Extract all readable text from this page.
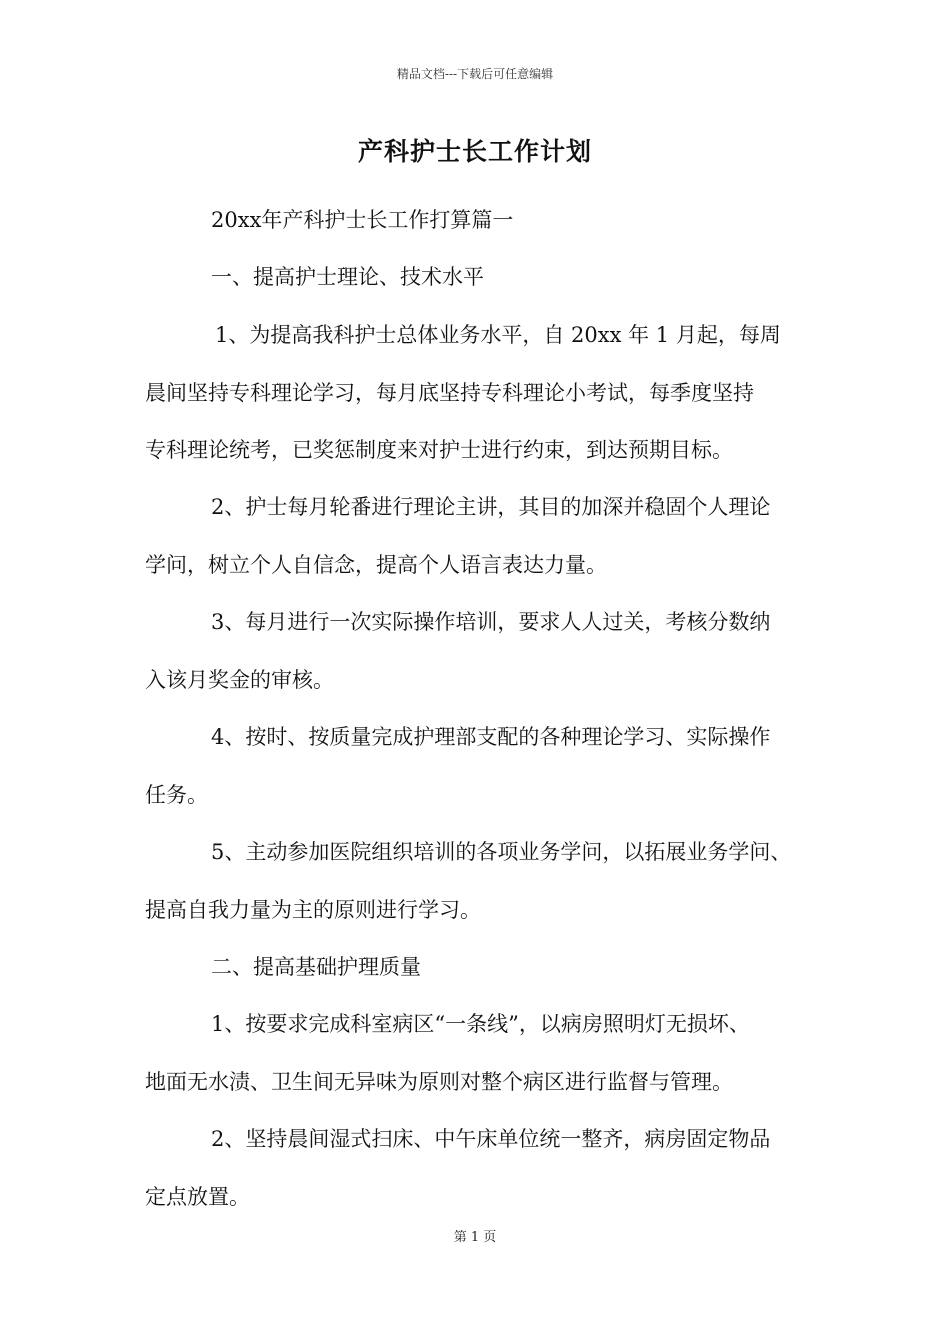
精品文档---下载后可任意编辑
产科护士长工作计划

20xx年产科护士长工作打算篇一

一、提高护士理论、技术水平

1、为提高我科护士总体业务水平，自 20xx 年 1 月起，每周
晨间坚持专科理论学习，每月底坚持专科理论小考试，每季度坚持
专科理论统考，已奖惩制度来对护士进行约束，到达预期目标。

2、护士每月轮番进行理论主讲，其目的加深并稳固个人理论
学问，树立个人自信念，提高个人语言表达力量。

3、每月进行一次实际操作培训，要求人人过关，考核分数纳
入该月奖金的审核。

4、按时、按质量完成护理部支配的各种理论学习、实际操作
任务。

5、主动参加医院组织培训的各项业务学问，以拓展业务学问、
提高自我力量为主的原则进行学习。

二、提高基础护理质量

1、按要求完成科室病区“一条线”，以病房照明灯无损坏、
地面无水渍、卫生间无异味为原则对整个病区进行监督与管理。

2、坚持晨间湿式扫床、中午床单位统一整齐，病房固定物品
定点放置。

第 1 页
